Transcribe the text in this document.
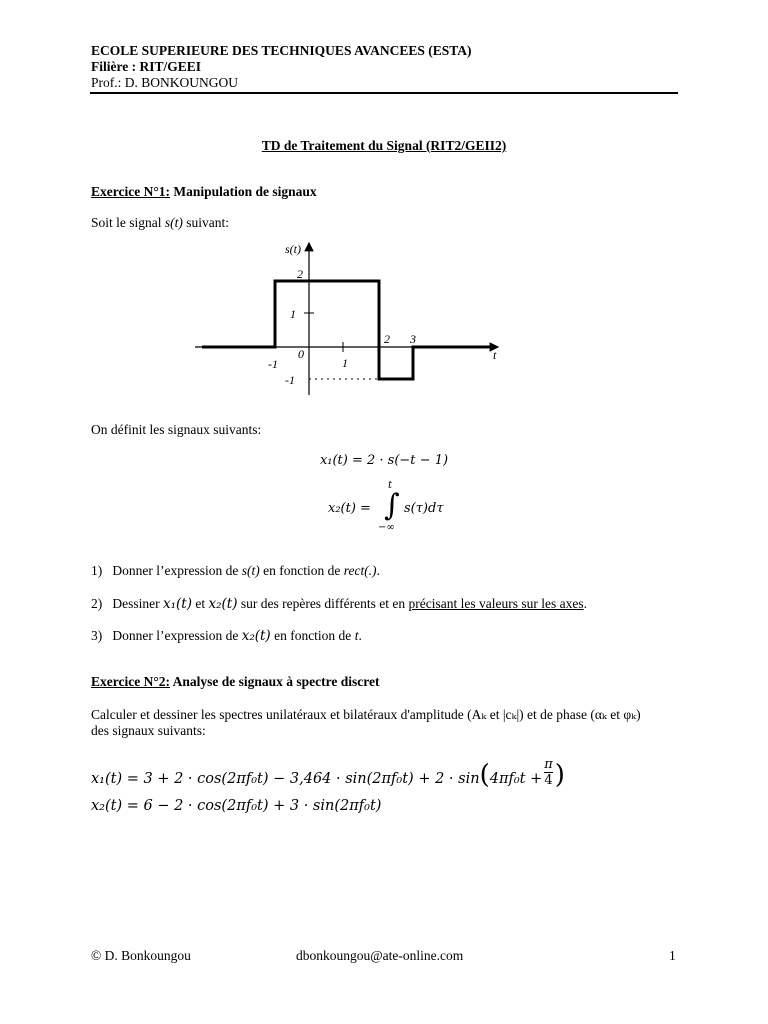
ECOLE SUPERIEURE DES TECHNIQUES AVANCEES (ESTA)
Filière : RIT/GEEI
Prof.: D. BONKOUNGOU
TD de Traitement du Signal (RIT2/GEII2)
Exercice N°1: Manipulation de signaux
Soit le signal s(t) suivant:
s(t)
t
2
1
-1
-1
0
1
2 3
On définit les signaux suivants:
x₁(t) = 2 · s(−t − 1)
x₂(t) =
t
∫
−∞
s(τ)dτ
1) Donner l’expression de s(t) en fonction de rect(.).
2) Dessiner x₁(t) et x₂(t) sur des repères différents et en précisant les valeurs sur les axes.
3) Donner l’expression de x₂(t) en fonction de t.
Exercice N°2: Analyse de signaux à spectre discret
Calculer et dessiner les spectres unilatéraux et bilatéraux d'amplitude (Aₖ et |cₖ|) et de phase (αₖ et φₖ)
des signaux suivants:
$x_1(t) = 3 + 2 \cdot \cos(2\pi f_0t) - 3,464 \cdot \sin(2\pi f_0t) + 2 \cdot \sin(4\pi f_0t + \frac{\pi}{4}$ )
x₂(t) = 6 − 2 · cos(2πf₀t) + 3 · sin(2πf₀t)
© D. Bonkoungou	dbonkoungou@ate-online.com	1
